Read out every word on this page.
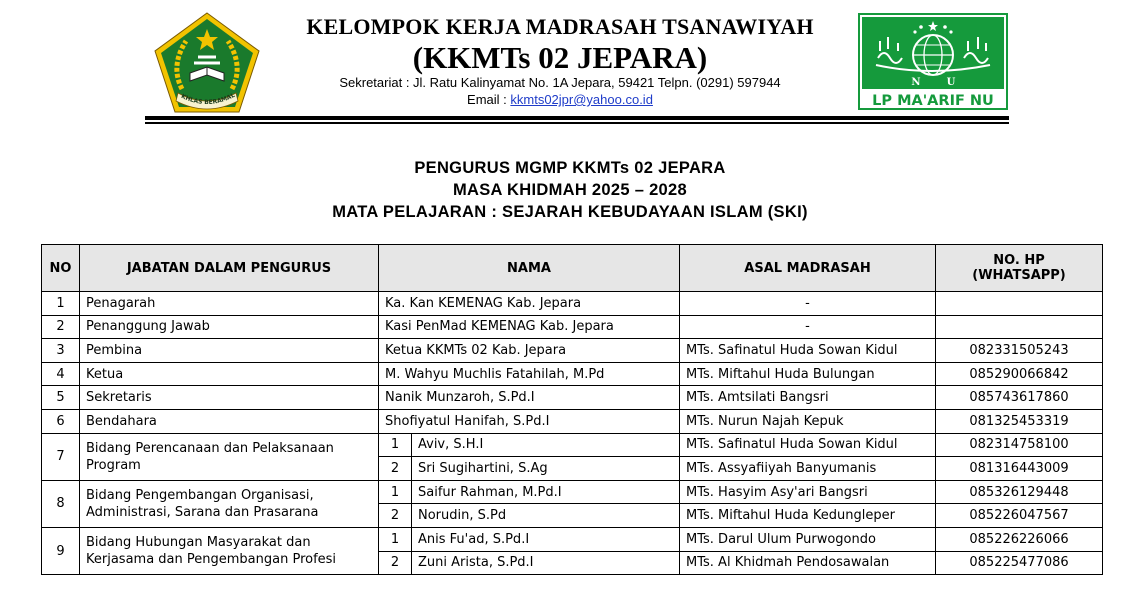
KHLAS BERAMAL
KELOMPOK KERJA MADRASAH TSANAWIYAH
(KKMTs 02 JEPARA)
Sekretariat : Jl. Ratu Kalinyamat No. 1A Jepara, 59421 Telpn. (0291) 597944
Email : kkmts02jpr@yahoo.co.id
N	U
LP MA'ARIF NU
PENGURUS MGMP KKMTs 02 JEPARA
MASA KHIDMAH 2025 – 2028
MATA PELAJARAN : SEJARAH KEBUDAYAAN ISLAM (SKI)
NO	JABATAN DALAM PENGURUS	NAMA		ASAL MADRASAH	NO. HP
(WHATSAPP)
1	Penagarah	Ka. Kan KEMENAG Kab. Jepara		-	
2	Penanggung Jawab	Kasi PenMad KEMENAG Kab. Jepara		-	
3	Pembina	Ketua KKMTs 02 Kab. Jepara		MTs. Safinatul Huda Sowan Kidul	082331505243
4	Ketua	M. Wahyu Muchlis Fatahilah, M.Pd		MTs. Miftahul Huda Bulungan	085290066842
5	Sekretaris	Nanik Munzaroh, S.Pd.I		MTs. Amtsilati Bangsri	085743617860
6	Bendahara	Shofiyatul Hanifah, S.Pd.I		MTs. Nurun Najah Kepuk	081325453319
7	Bidang Perencanaan dan Pelaksanaan Program	1	Aviv, S.H.I	MTs. Safinatul Huda Sowan Kidul	082314758100
		2	Sri Sugihartini, S.Ag	MTs. Assyafiiyah Banyumanis	081316443009
8	Bidang Pengembangan Organisasi, Administrasi, Sarana dan Prasarana	1	Saifur Rahman, M.Pd.I	MTs. Hasyim Asy'ari Bangsri	085326129448
		2	Norudin, S.Pd	MTs. Miftahul Huda Kedungleper	085226047567
9	Bidang Hubungan Masyarakat dan Kerjasama dan Pengembangan Profesi	1	Anis Fu'ad, S.Pd.I	MTs. Darul Ulum Purwogondo	085226226066
		2	Zuni Arista, S.Pd.I	MTs. Al Khidmah Pendosawalan	085225477086
